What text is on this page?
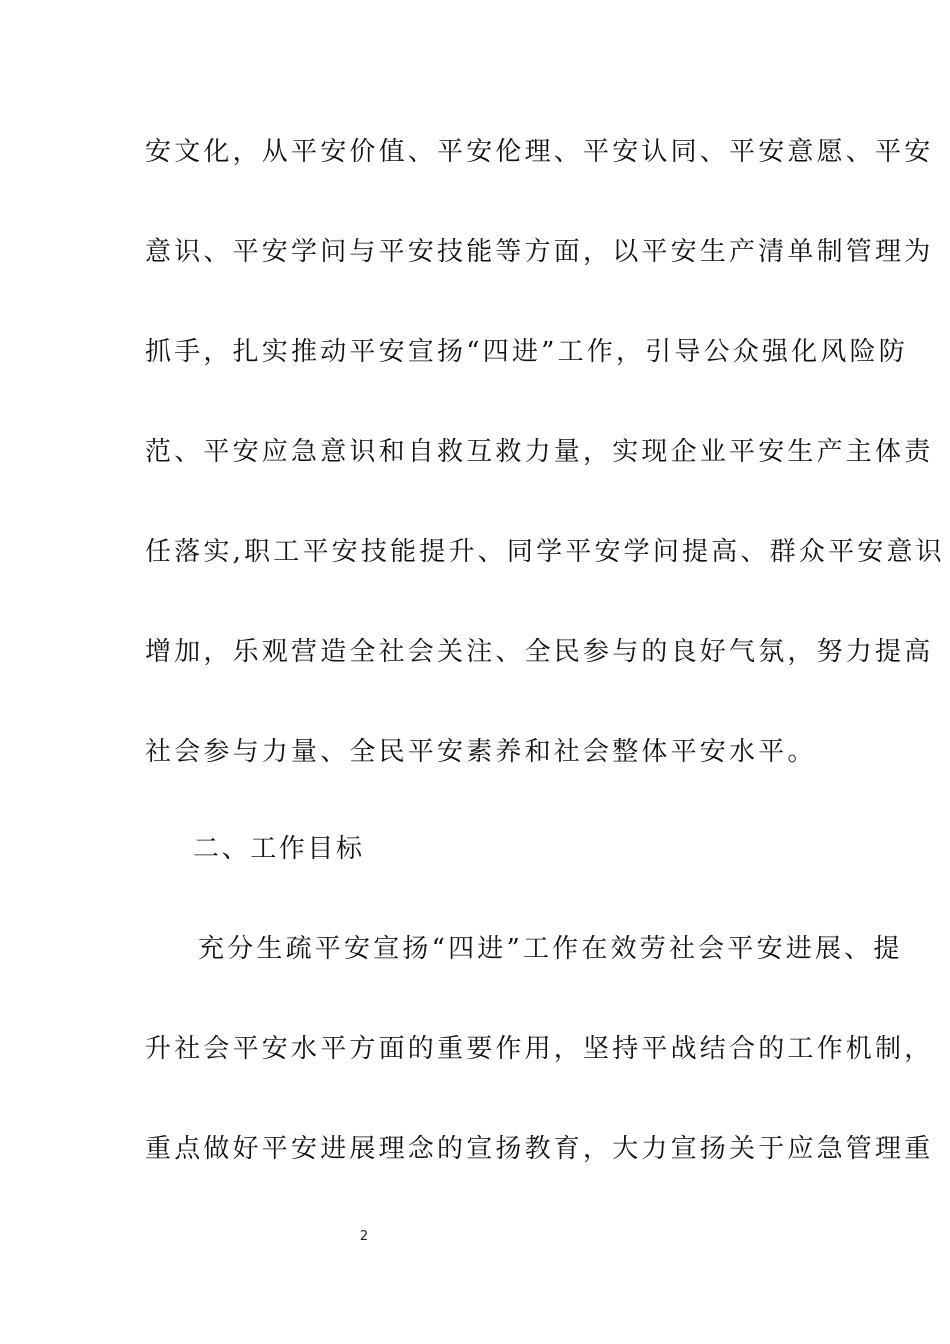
安文化，从平安价值、平安伦理、平安认同、平安意愿、平安
意识、平安学问与平安技能等方面，以平安生产清单制管理为
抓手，扎实推动平安宣扬“四进”工作，引导公众强化风险防
范、平安应急意识和自救互救力量，实现企业平安生产主体责
任落实,职工平安技能提升、同学平安学问提高、群众平安意识
增加，乐观营造全社会关注、全民参与的良好气氛，努力提高
社会参与力量、全民平安素养和社会整体平安水平。
二、工作目标
充分生疏平安宣扬“四进”工作在效劳社会平安进展、提
升社会平安水平方面的重要作用，坚持平战结合的工作机制，
重点做好平安进展理念的宣扬教育，大力宣扬关于应急管理重
2
